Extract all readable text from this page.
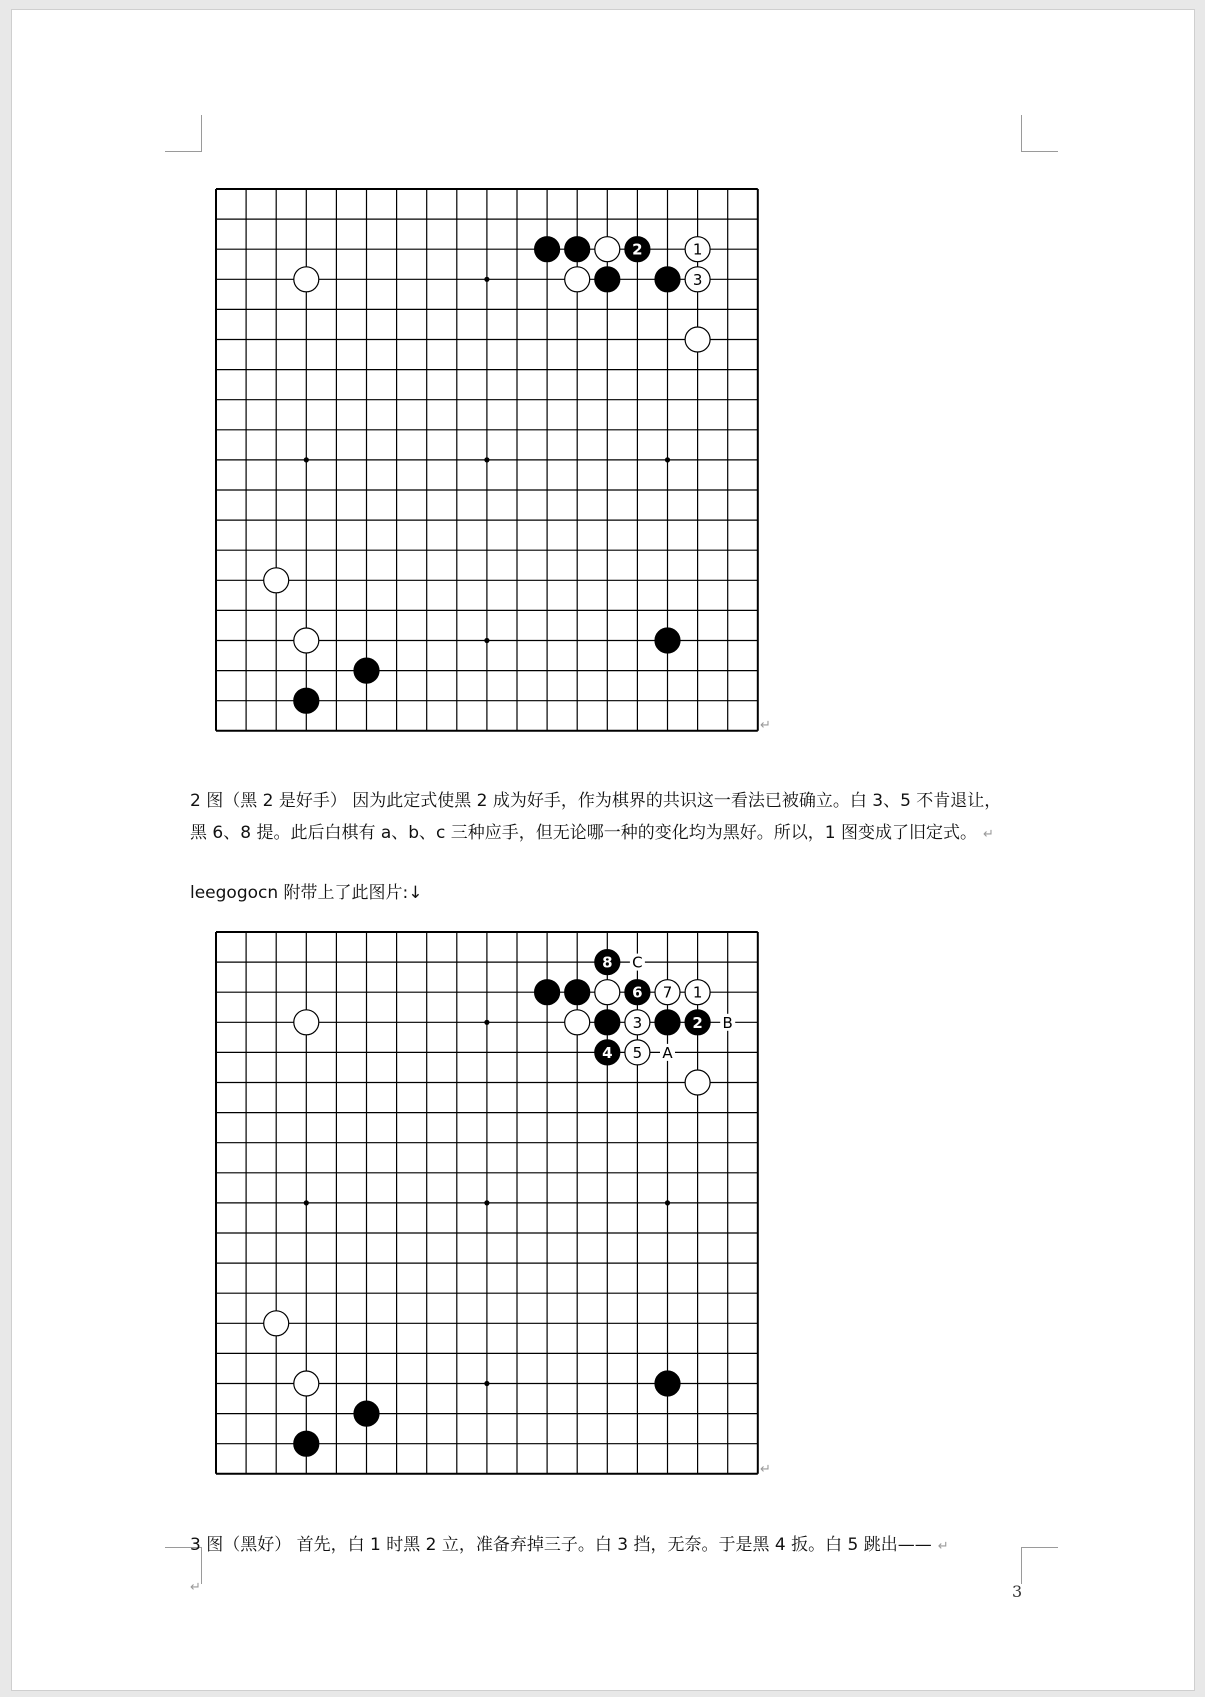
2	1
3
↵
2 图（黑 2 是好手） 因为此定式使黑 2 成为好手，作为棋界的共识这一看法已被确立。白 3、5 不肯退让，
黑 6、8 提。此后白棋有 a、b、c 三种应手，但无论哪一种的变化均为黑好。所以，1 图变成了旧定式。 ↵
leegogocn 附带上了此图片:↓
8
6 7 1
3	2
4 5
C
B
A
↵
3 图（黑好） 首先，白 1 时黑 2 立，准备弃掉三子。白 3 挡，无奈。于是黑 4 扳。白 5 跳出—— ↵
↵	3
